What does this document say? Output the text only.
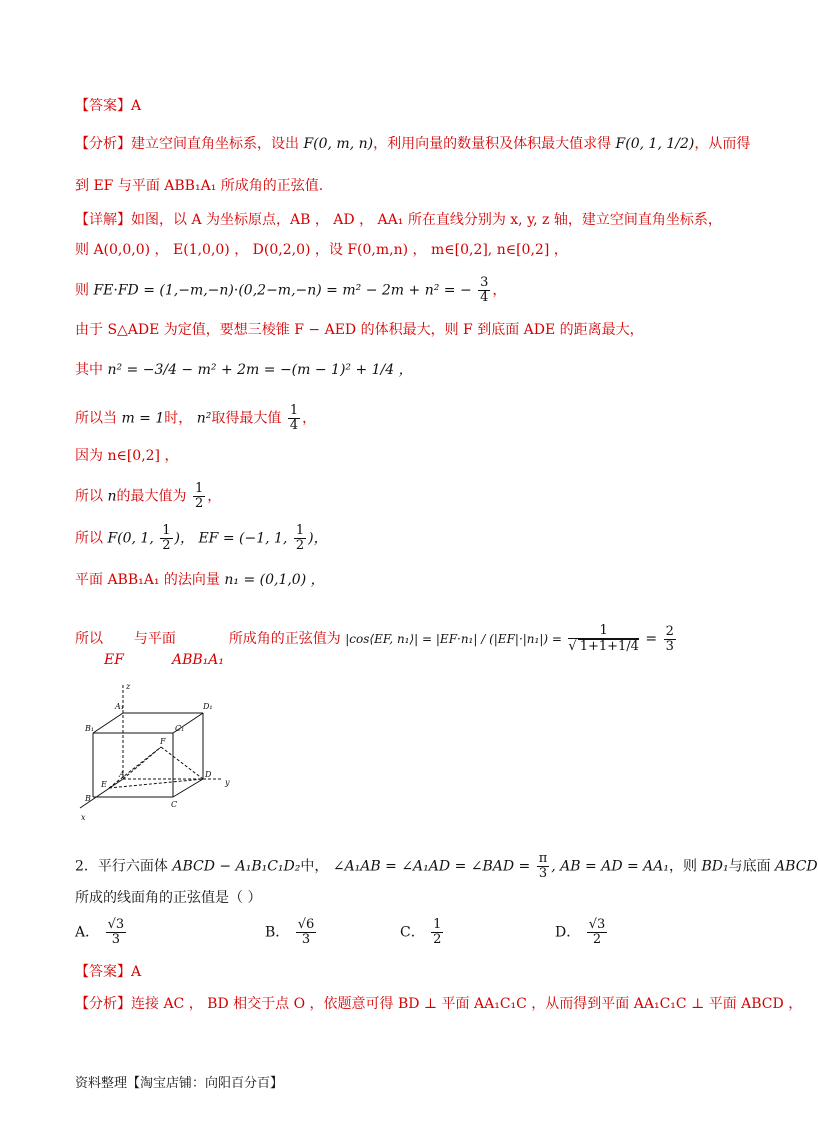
【答案】A
【分析】建立空间直角坐标系，设出 F(0, m, n)，利用向量的数量积及体积最大值求得 F(0, 1, 1/2)，从而得
到 EF 与平面 ABB₁A₁ 所成角的正弦值.
【详解】如图，以 A 为坐标原点，AB ， AD ， AA₁ 所在直线分别为 x, y, z 轴，建立空间直角坐标系，
则 A(0,0,0) ， E(1,0,0) ， D(0,2,0) ，设 F(0,m,n) ， m∈[0,2], n∈[0,2] ，
则 FE·FD = (1,−m,−n)·(0,2−m,−n) = m² − 2m + n² = − $\frac{3}{4}$ ，
由于 S△ADE 为定值，要想三棱锥 F − AED 的体积最大，则 F 到底面 ADE 的距离最大，
其中 n² = −3/4 − m² + 2m = −(m − 1)² + 1/4 ，
所以当 m = 1时， n²取得最大值 $\frac{1}{4}$ ，
因为 n∈[0,2] ，
所以 n的最大值为 $\frac{1}{2}$ ，
所以 F(0, 1, $\frac{1}{2}$ )， EF = (−1, 1, $\frac{1}{2}$ )，
平面 ABB₁A₁ 的法向量 n₁ = (0,1,0) ，
所以 与平面	所成角的正弦值为 |cos⟨EF, n₁⟩| = $|EF\cdot n_1| / (|EF|\cdot|n_1|) = \frac{1}{√ 1+1+1/4} = \frac{2}{3}$
EF	ABB₁A₁
z
A₁	D₁
B₁	C₁
F
E
A	D
y
B
C
x
2．平行六面体 ABCD − A₁B₁C₁D₂中， ∠A₁AB = ∠A₁AD = ∠BAD = $\frac{\pi}{3}$ , AB = AD = AA₁，则 BD₁与底面 ABCD
所成的线面角的正弦值是（ ）
A． $\frac{√3}{3}$	B． $\frac{√6}{3}$	C． $\frac{1}{2}$	D． $\frac{√3}{2}$
【答案】A
【分析】连接 AC ， BD 相交于点 O ，依题意可得 BD ⊥ 平面 AA₁C₁C ，从而得到平面 AA₁C₁C ⊥ 平面 ABCD ，
资料整理【淘宝店铺：向阳百分百】
